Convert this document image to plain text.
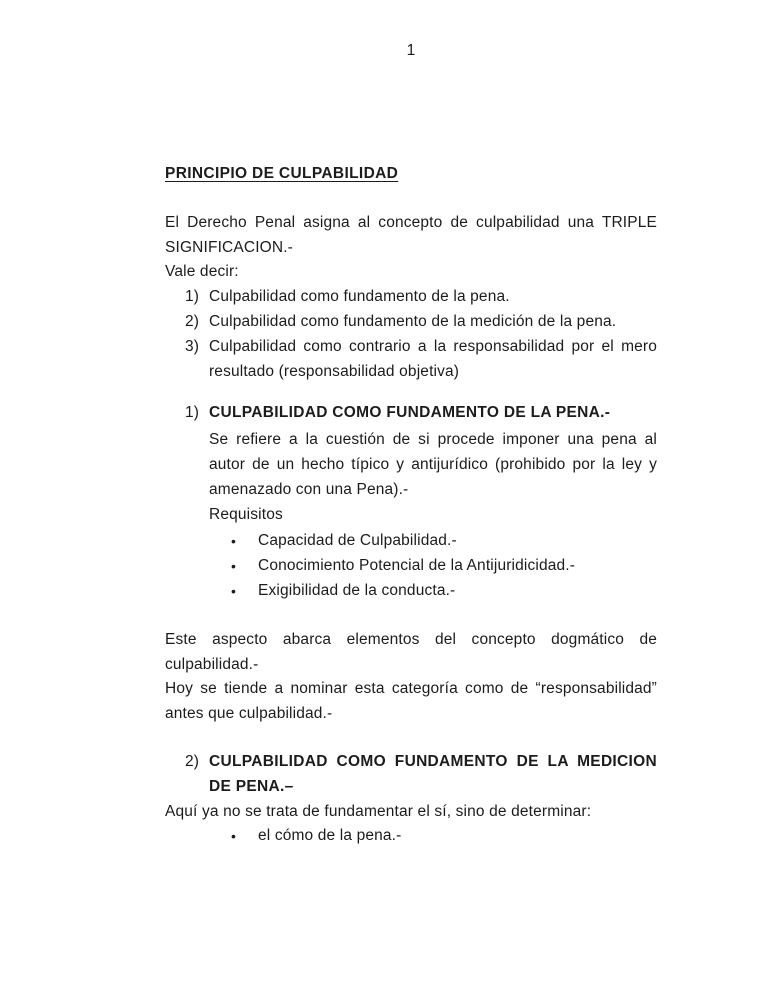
1
PRINCIPIO DE CULPABILIDAD

El Derecho Penal asigna al concepto de culpabilidad una TRIPLE SIGNIFICACION.-

Vale decir:

1) Culpabilidad como fundamento de la pena.
2) Culpabilidad como fundamento de la medición de la pena.
3) Culpabilidad como contrario a la responsabilidad por el mero resultado (responsabilidad objetiva)
1) CULPABILIDAD COMO FUNDAMENTO DE LA PENA.-

Se refiere a la cuestión de si procede imponer una pena al autor de un hecho típico y antijurídico (prohibido por la ley y amenazado con una Pena).-

Requisitos

• Capacidad de Culpabilidad.-
• Conocimiento Potencial de la Antijuridicidad.-
• Exigibilidad de la conducta.-

Este aspecto abarca elementos del concepto dogmático de culpabilidad.-

Hoy se tiende a nominar esta categoría como de “responsabilidad” antes que culpabilidad.-

2) CULPABILIDAD COMO FUNDAMENTO DE LA MEDICION DE PENA.–

Aquí ya no se trata de fundamentar el sí, sino de determinar:

• el cómo de la pena.-
